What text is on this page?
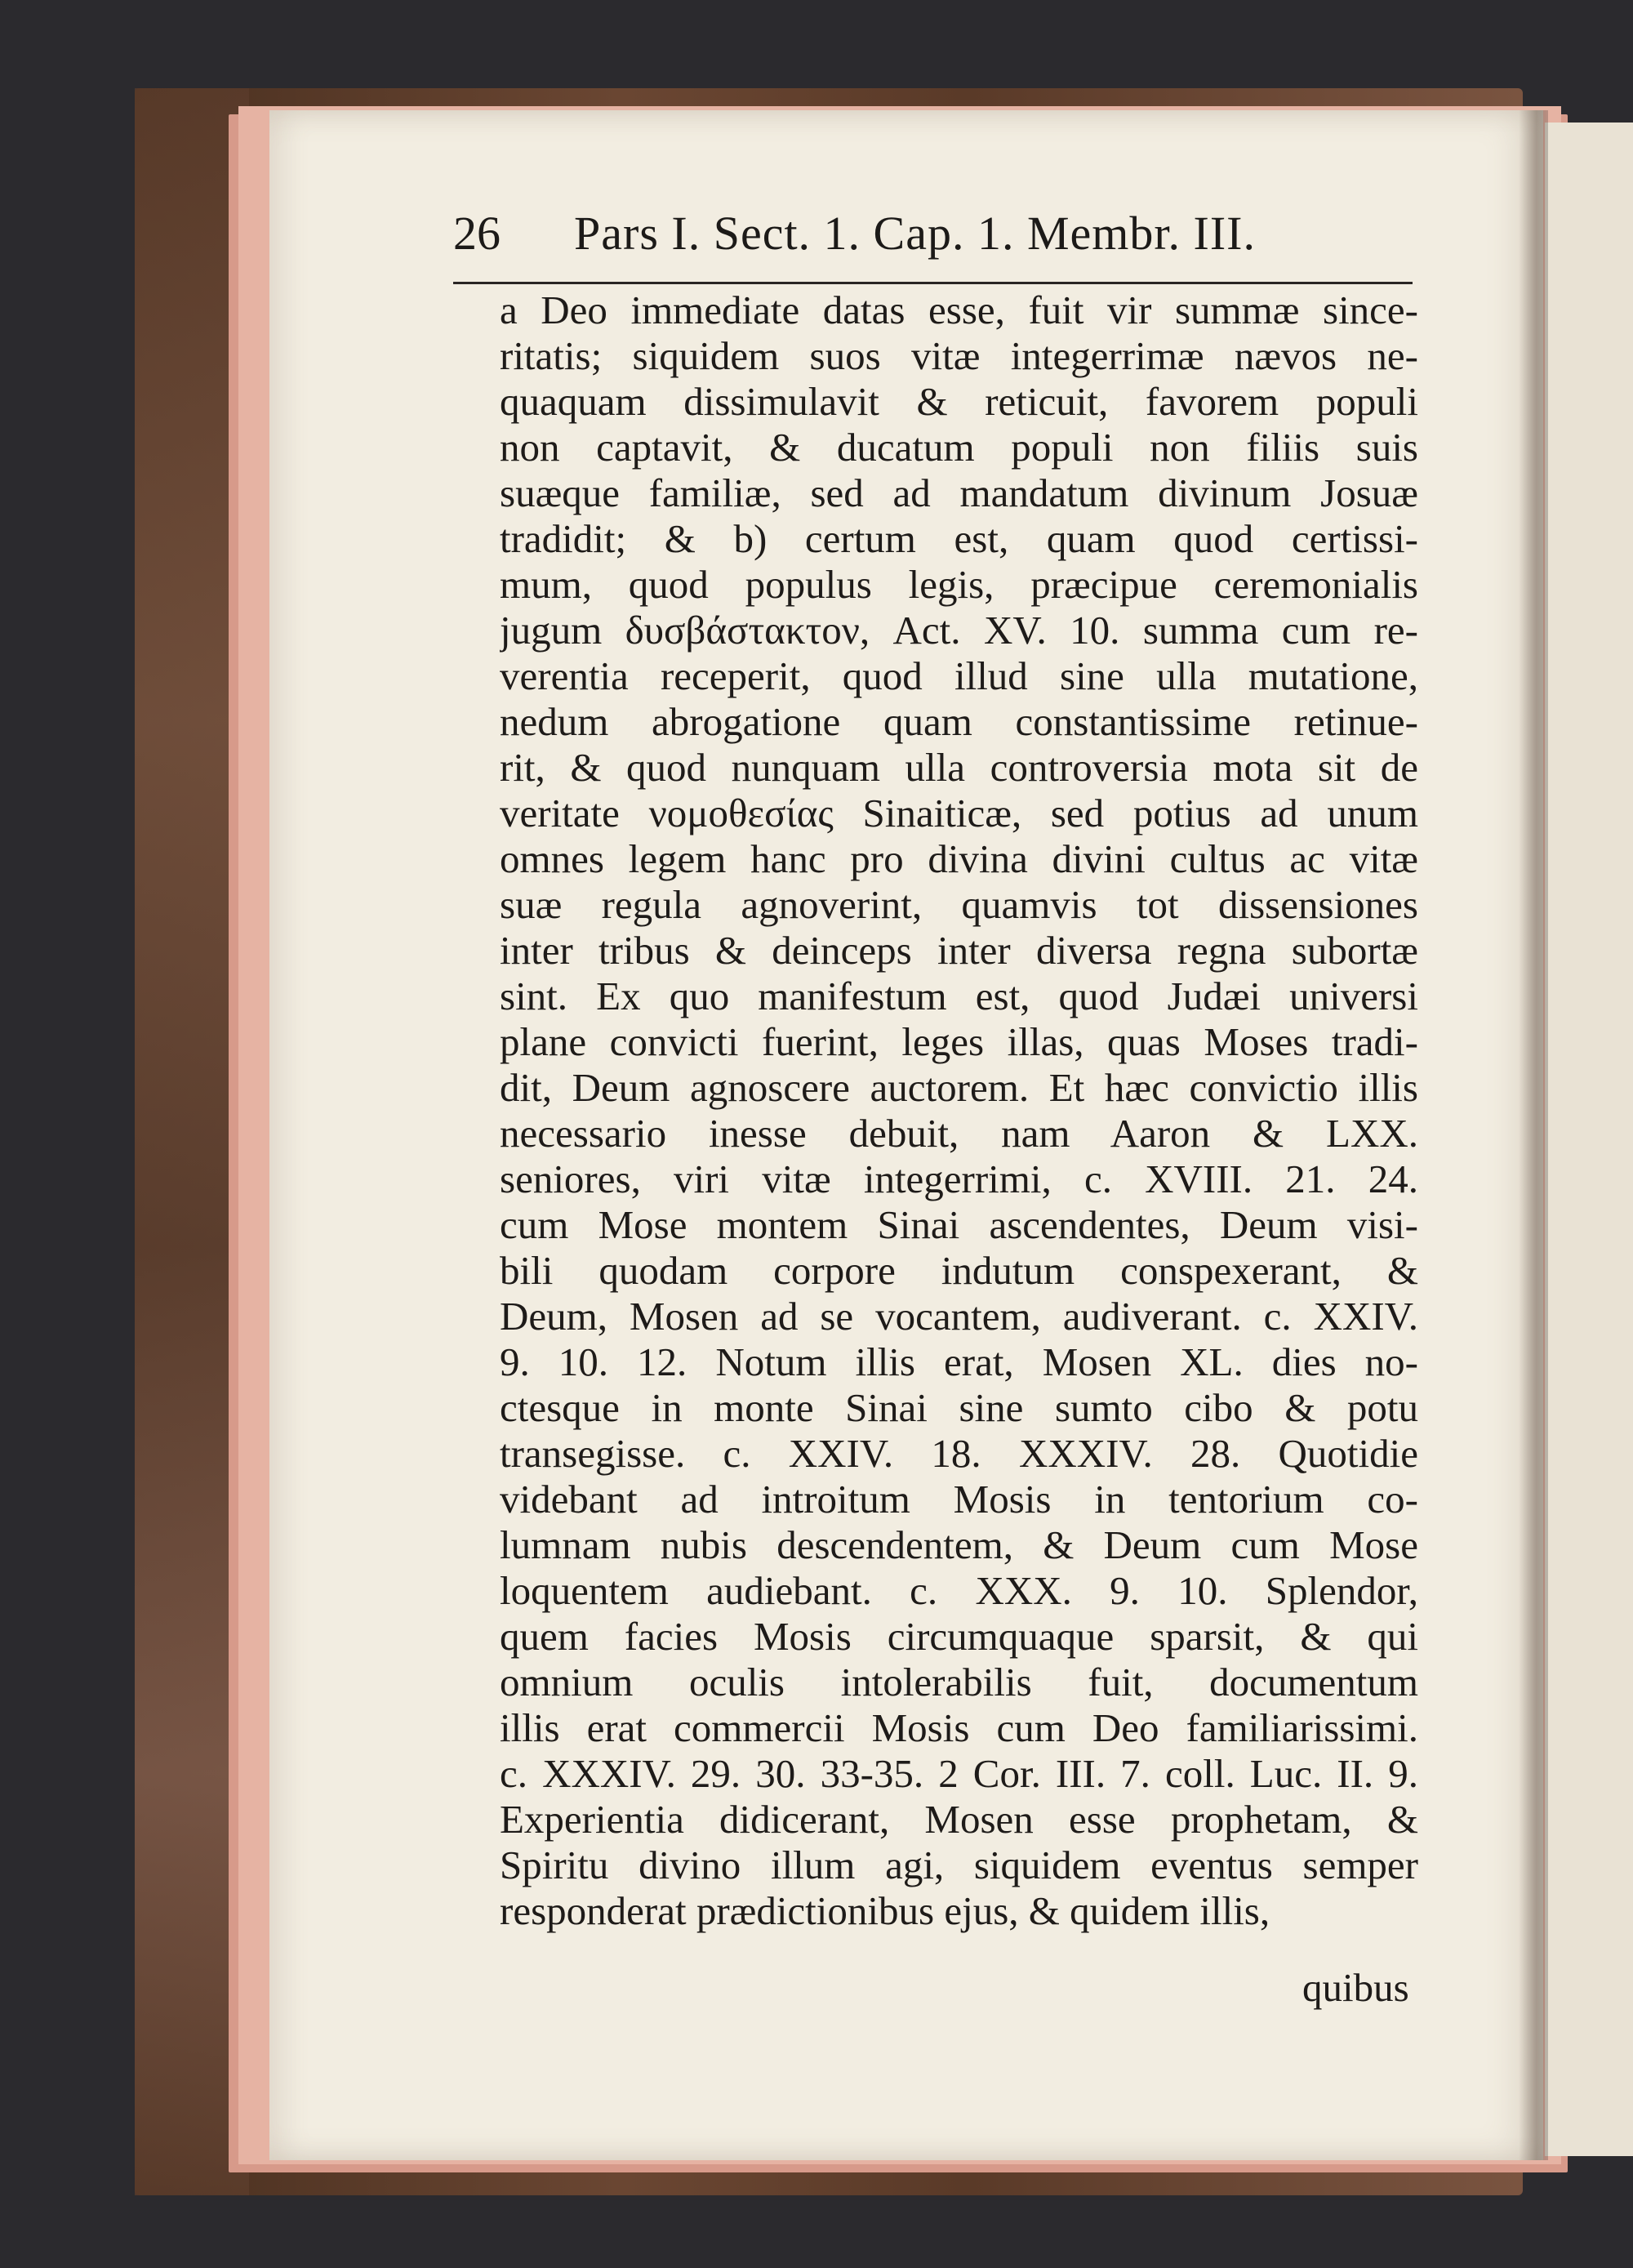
26 Pars I. Sect. 1. Cap. 1. Membr. III.
a Deo immediate datas esse, fuit vir summæ sincе-
ritatis; siquidem suos vitæ integerrimæ nævos ne-
quaquam dissimulavit & reticuit, favorem populi
non captavit, & ducatum populi non filiis suis
suæque familiæ, sed ad mandatum divinum Josuæ
tradidit; & b) certum est, quam quod certissi-
mum, quod populus legis, præcipue ceremonialis
jugum δυσβάστακτον, Act. XV. 10. summa cum re-
verentia receperit, quod illud sine ulla mutatione,
nedum abrogatione quam constantissime retinue-
rit, & quod nunquam ulla controversia mota sit de
veritate νομοθεσίας Sinaiticæ, sed potius ad unum
omnes legem hanc pro divina divini cultus ac vitæ
suæ regula agnoverint, quamvis tot dissensiones
inter tribus & deinceps inter diversa regna subortæ
sint. Ex quo manifestum est, quod Judæi universi
plane convicti fuerint, leges illas, quas Moses tradi-
dit, Deum agnoscere auctorem. Et hæc convictio illis
necessario inesse debuit, nam Aaron & LXX.
seniores, viri vitæ integerrimi, c. XVIII. 21. 24.
cum Mose montem Sinai ascendentes, Deum visi-
bili quodam corpore indutum conspexerant, &
Deum, Mosen ad se vocantem, audiverant. c. XXIV.
9. 10. 12. Notum illis erat, Mosen XL. dies no-
ctesque in monte Sinai sine sumto cibo & potu
transegisse. c. XXIV. 18. XXXIV. 28. Quotidie
videbant ad introitum Mosis in tentorium co-
lumnam nubis descendentem, & Deum cum Mose
loquentem audiebant. c. XXX. 9. 10. Splendor,
quem facies Mosis circumquaque sparsit, & qui
omnium oculis intolerabilis fuit, documentum
illis erat commercii Mosis cum Deo familiarissimi.
c. XXXIV. 29. 30. 33-35. 2 Cor. III. 7. coll. Luc. II. 9.
Experientia didicerant, Mosen esse prophetam, &
Spiritu divino illum agi, siquidem eventus semper
responderat prædictionibus ejus, & quidem illis,
quibus
